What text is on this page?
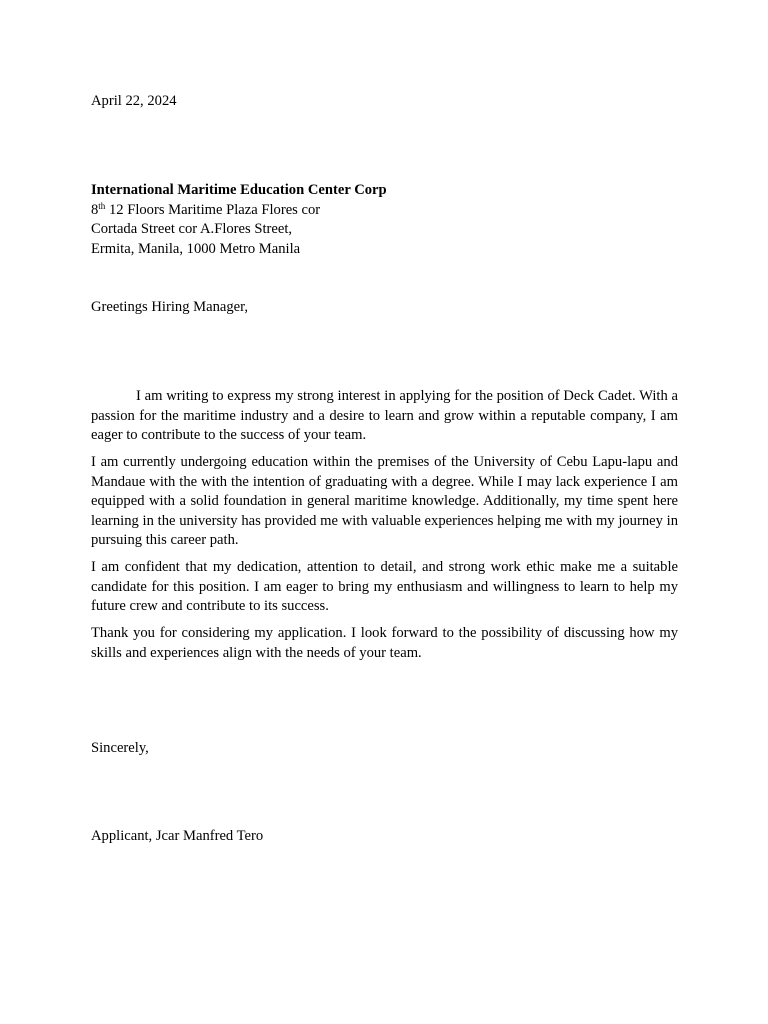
April 22, 2024
International Maritime Education Center Corp
8th 12 Floors Maritime Plaza Flores cor
Cortada Street cor A.Flores Street,
Ermita, Manila, 1000 Metro Manila
Greetings Hiring Manager,

I am writing to express my strong interest in applying for the position of Deck Cadet. With a passion for the maritime industry and a desire to learn and grow within a reputable company, I am eager to contribute to the success of your team.

I am currently undergoing education within the premises of the University of Cebu Lapu-lapu and Mandaue with the with the intention of graduating with a degree. While I may lack experience I am equipped with a solid foundation in general maritime knowledge. Additionally, my time spent here learning in the university has provided me with valuable experiences helping me with my journey in pursuing this career path.

I am confident that my dedication, attention to detail, and strong work ethic make me a suitable candidate for this position. I am eager to bring my enthusiasm and willingness to learn to help my future crew and contribute to its success.

Thank you for considering my application. I look forward to the possibility of discussing how my skills and experiences align with the needs of your team.

Sincerely,
Applicant, Jcar Manfred Tero
